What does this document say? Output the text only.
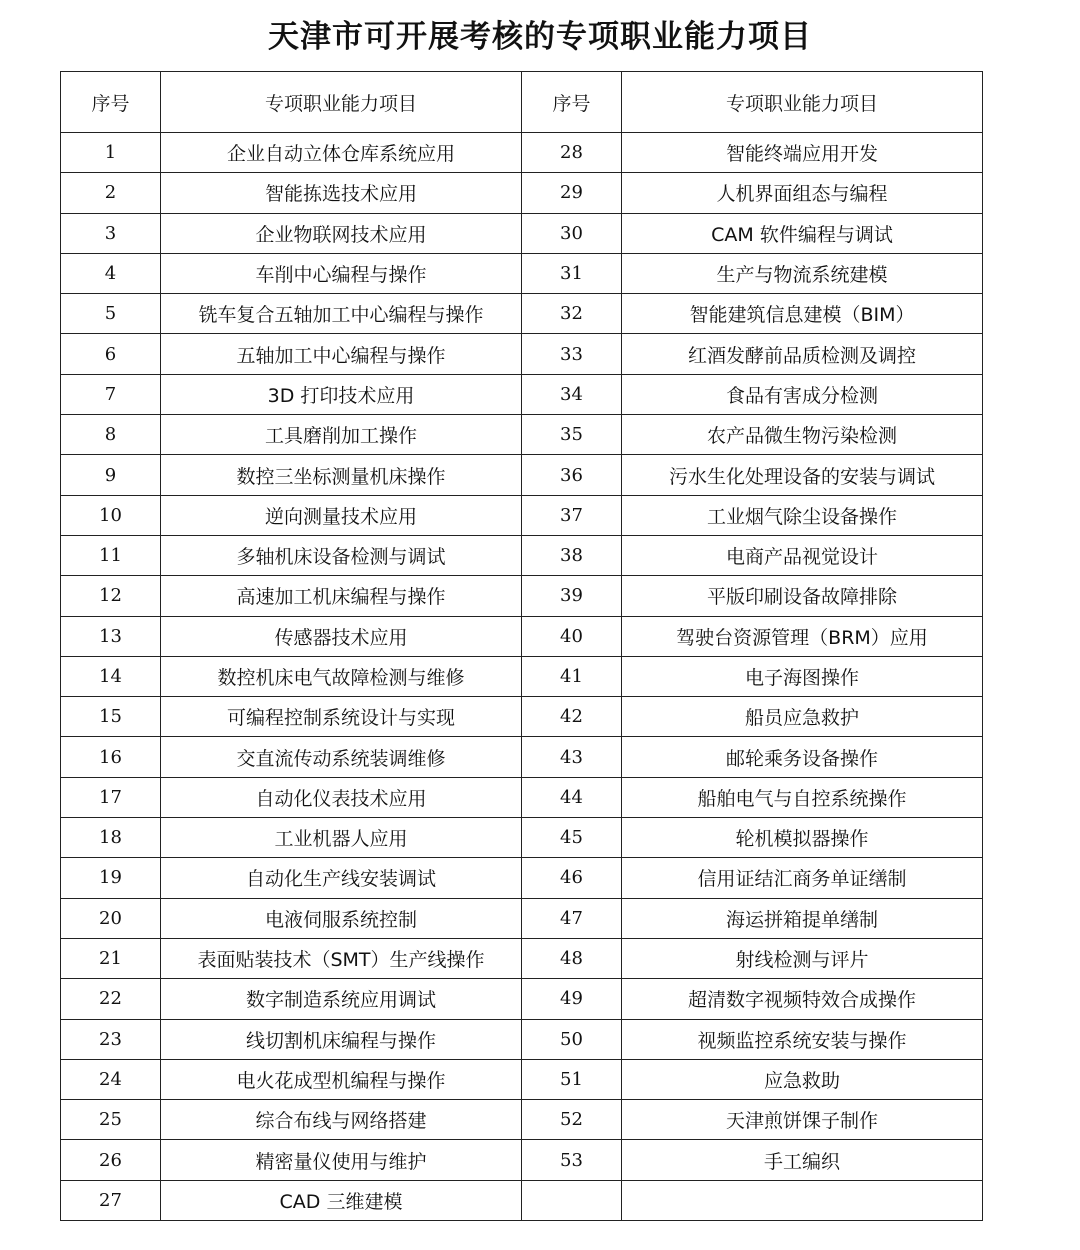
天津市可开展考核的专项职业能力项目
序号	专项职业能力项目	序号	专项职业能力项目
1	企业自动立体仓库系统应用	28	智能终端应用开发
2	智能拣选技术应用	29	人机界面组态与编程
3	企业物联网技术应用	30	CAM 软件编程与调试
4	车削中心编程与操作	31	生产与物流系统建模
5	铣车复合五轴加工中心编程与操作	32	智能建筑信息建模（BIM）
6	五轴加工中心编程与操作	33	红酒发酵前品质检测及调控
7	3D 打印技术应用	34	食品有害成分检测
8	工具磨削加工操作	35	农产品微生物污染检测
9	数控三坐标测量机床操作	36	污水生化处理设备的安装与调试
10	逆向测量技术应用	37	工业烟气除尘设备操作
11	多轴机床设备检测与调试	38	电商产品视觉设计
12	高速加工机床编程与操作	39	平版印刷设备故障排除
13	传感器技术应用	40	驾驶台资源管理（BRM）应用
14	数控机床电气故障检测与维修	41	电子海图操作
15	可编程控制系统设计与实现	42	船员应急救护
16	交直流传动系统装调维修	43	邮轮乘务设备操作
17	自动化仪表技术应用	44	船舶电气与自控系统操作
18	工业机器人应用	45	轮机模拟器操作
19	自动化生产线安装调试	46	信用证结汇商务单证缮制
20	电液伺服系统控制	47	海运拼箱提单缮制
21	表面贴装技术（SMT）生产线操作	48	射线检测与评片
22	数字制造系统应用调试	49	超清数字视频特效合成操作
23	线切割机床编程与操作	50	视频监控系统安装与操作
24	电火花成型机编程与操作	51	应急救助
25	综合布线与网络搭建	52	天津煎饼馃子制作
26	精密量仪使用与维护	53	手工编织
27	CAD 三维建模		
